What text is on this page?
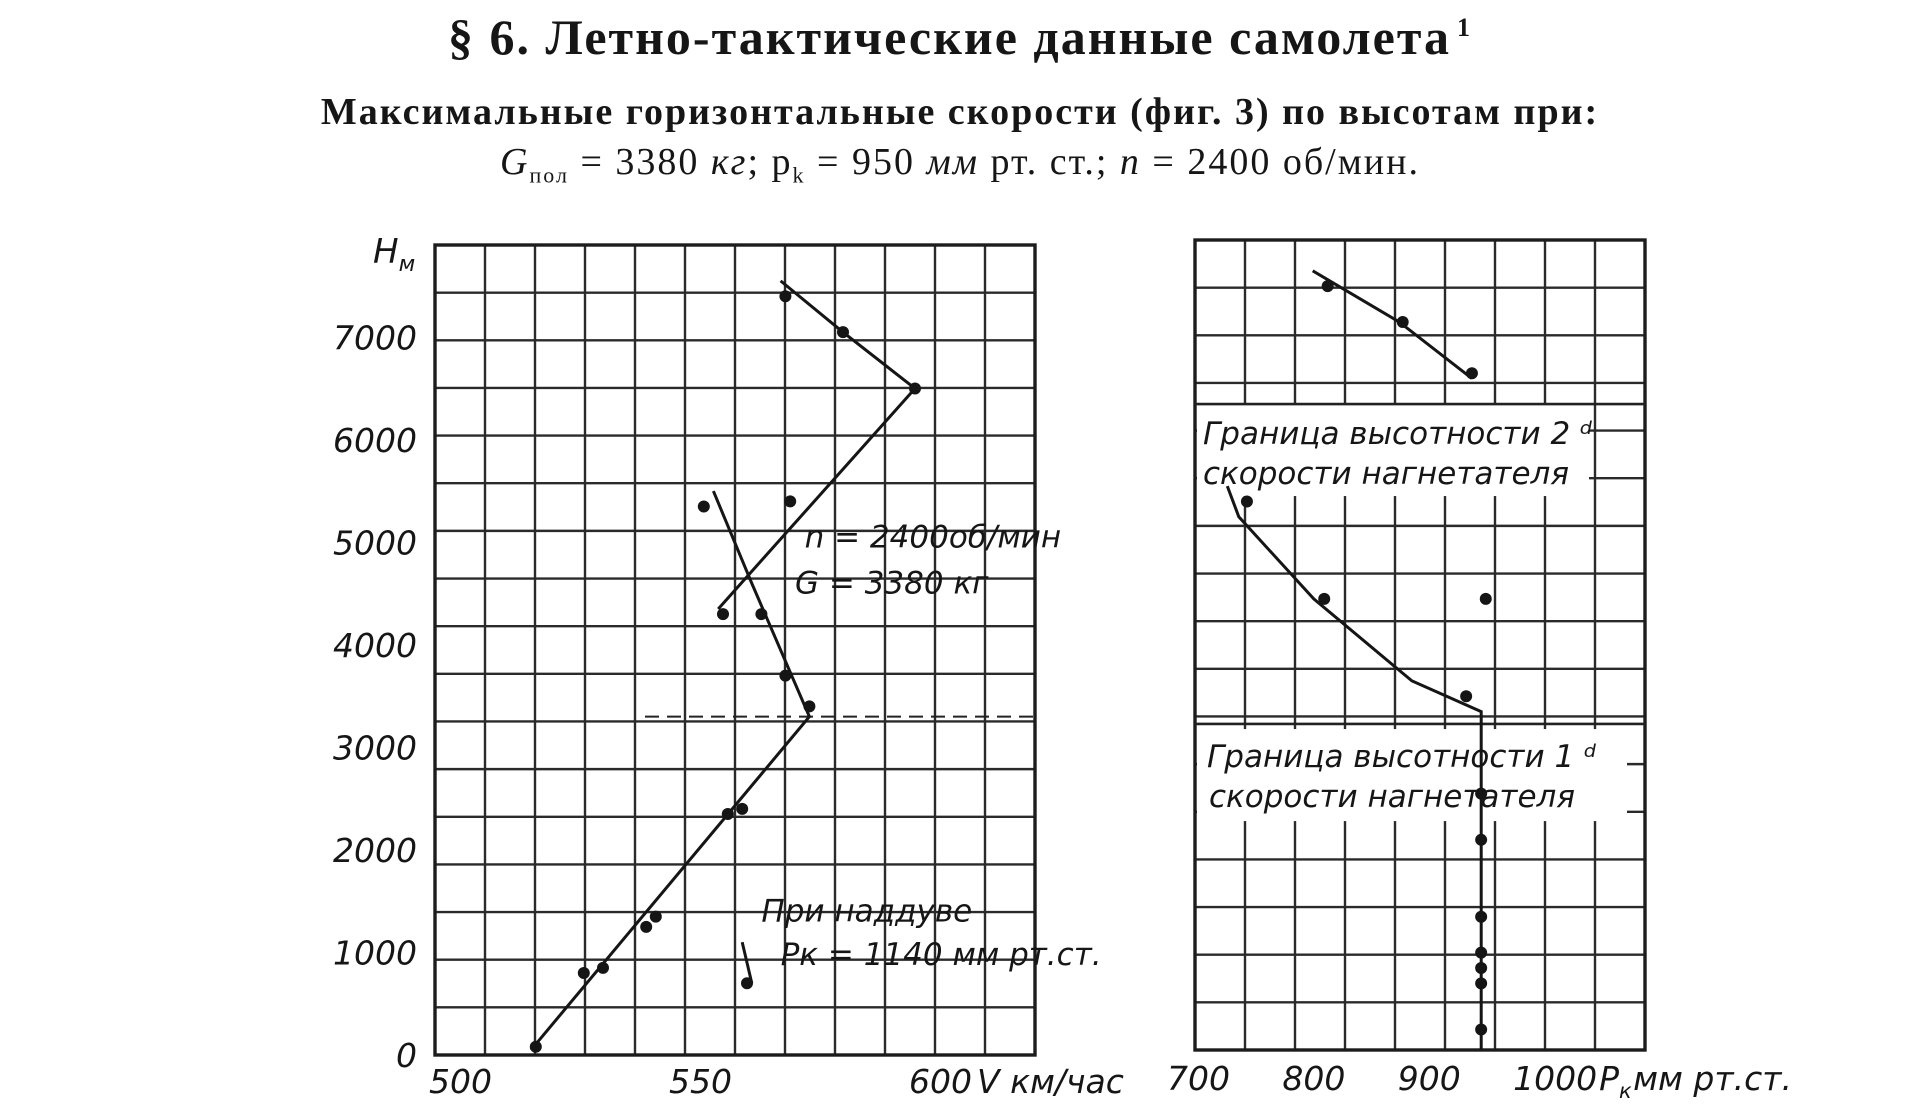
§ 6. Летно-тактические данные самолета $^1$
Максимальные горизонтальные скорости (фиг. 3) по высотам при:
$G_{пол} = 3380$ кг; $p_k = 950$ мм рт. ст.; n = 2400 об/мин.
0
1000
2000
3000
4000
5000
6000
7000
500	550	600
$H_м$
V км/час
n = 2400об/мин
G = 3380 кг
При наддуве
Pк = 1140 мм рт.ст.
700 800 900 1000 $P_к$ мм рт.ст.
Граница высотности 2 ᵈ
скорости нагнетателя
Граница высотности 1 ᵈ
скорости нагнетателя
